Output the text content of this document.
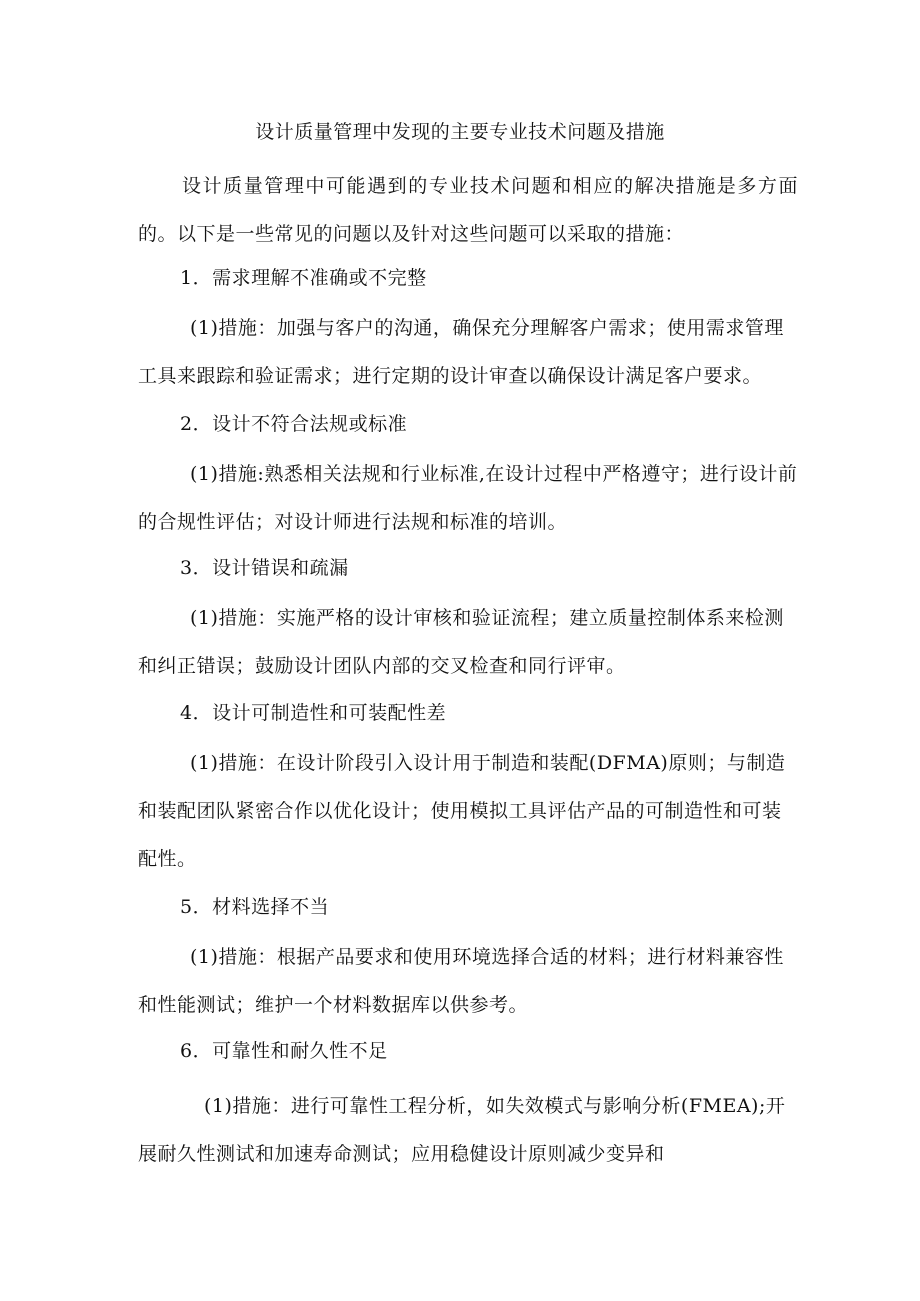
设计质量管理中发现的主要专业技术问题及措施
设计质量管理中可能遇到的专业技术问题和相应的解决措施是多方面的。以下是一些常见的问题以及针对这些问题可以采取的措施：
1．需求理解不准确或不完整
(1)措施：加强与客户的沟通，确保充分理解客户需求；使用需求管理工具来跟踪和验证需求；进行定期的设计审查以确保设计满足客户要求。
2．设计不符合法规或标准
(1)措施:熟悉相关法规和行业标准,在设计过程中严格遵守；进行设计前的合规性评估；对设计师进行法规和标准的培训。
3．设计错误和疏漏
(1)措施：实施严格的设计审核和验证流程；建立质量控制体系来检测和纠正错误；鼓励设计团队内部的交叉检查和同行评审。
4．设计可制造性和可装配性差
(1)措施：在设计阶段引入设计用于制造和装配(DFMA)原则；与制造和装配团队紧密合作以优化设计；使用模拟工具评估产品的可制造性和可装配性。
5．材料选择不当
(1)措施：根据产品要求和使用环境选择合适的材料；进行材料兼容性和性能测试；维护一个材料数据库以供参考。
6．可靠性和耐久性不足
(1)措施：进行可靠性工程分析，如失效模式与影响分析(FMEA);开展耐久性测试和加速寿命测试；应用稳健设计原则减少变异和
